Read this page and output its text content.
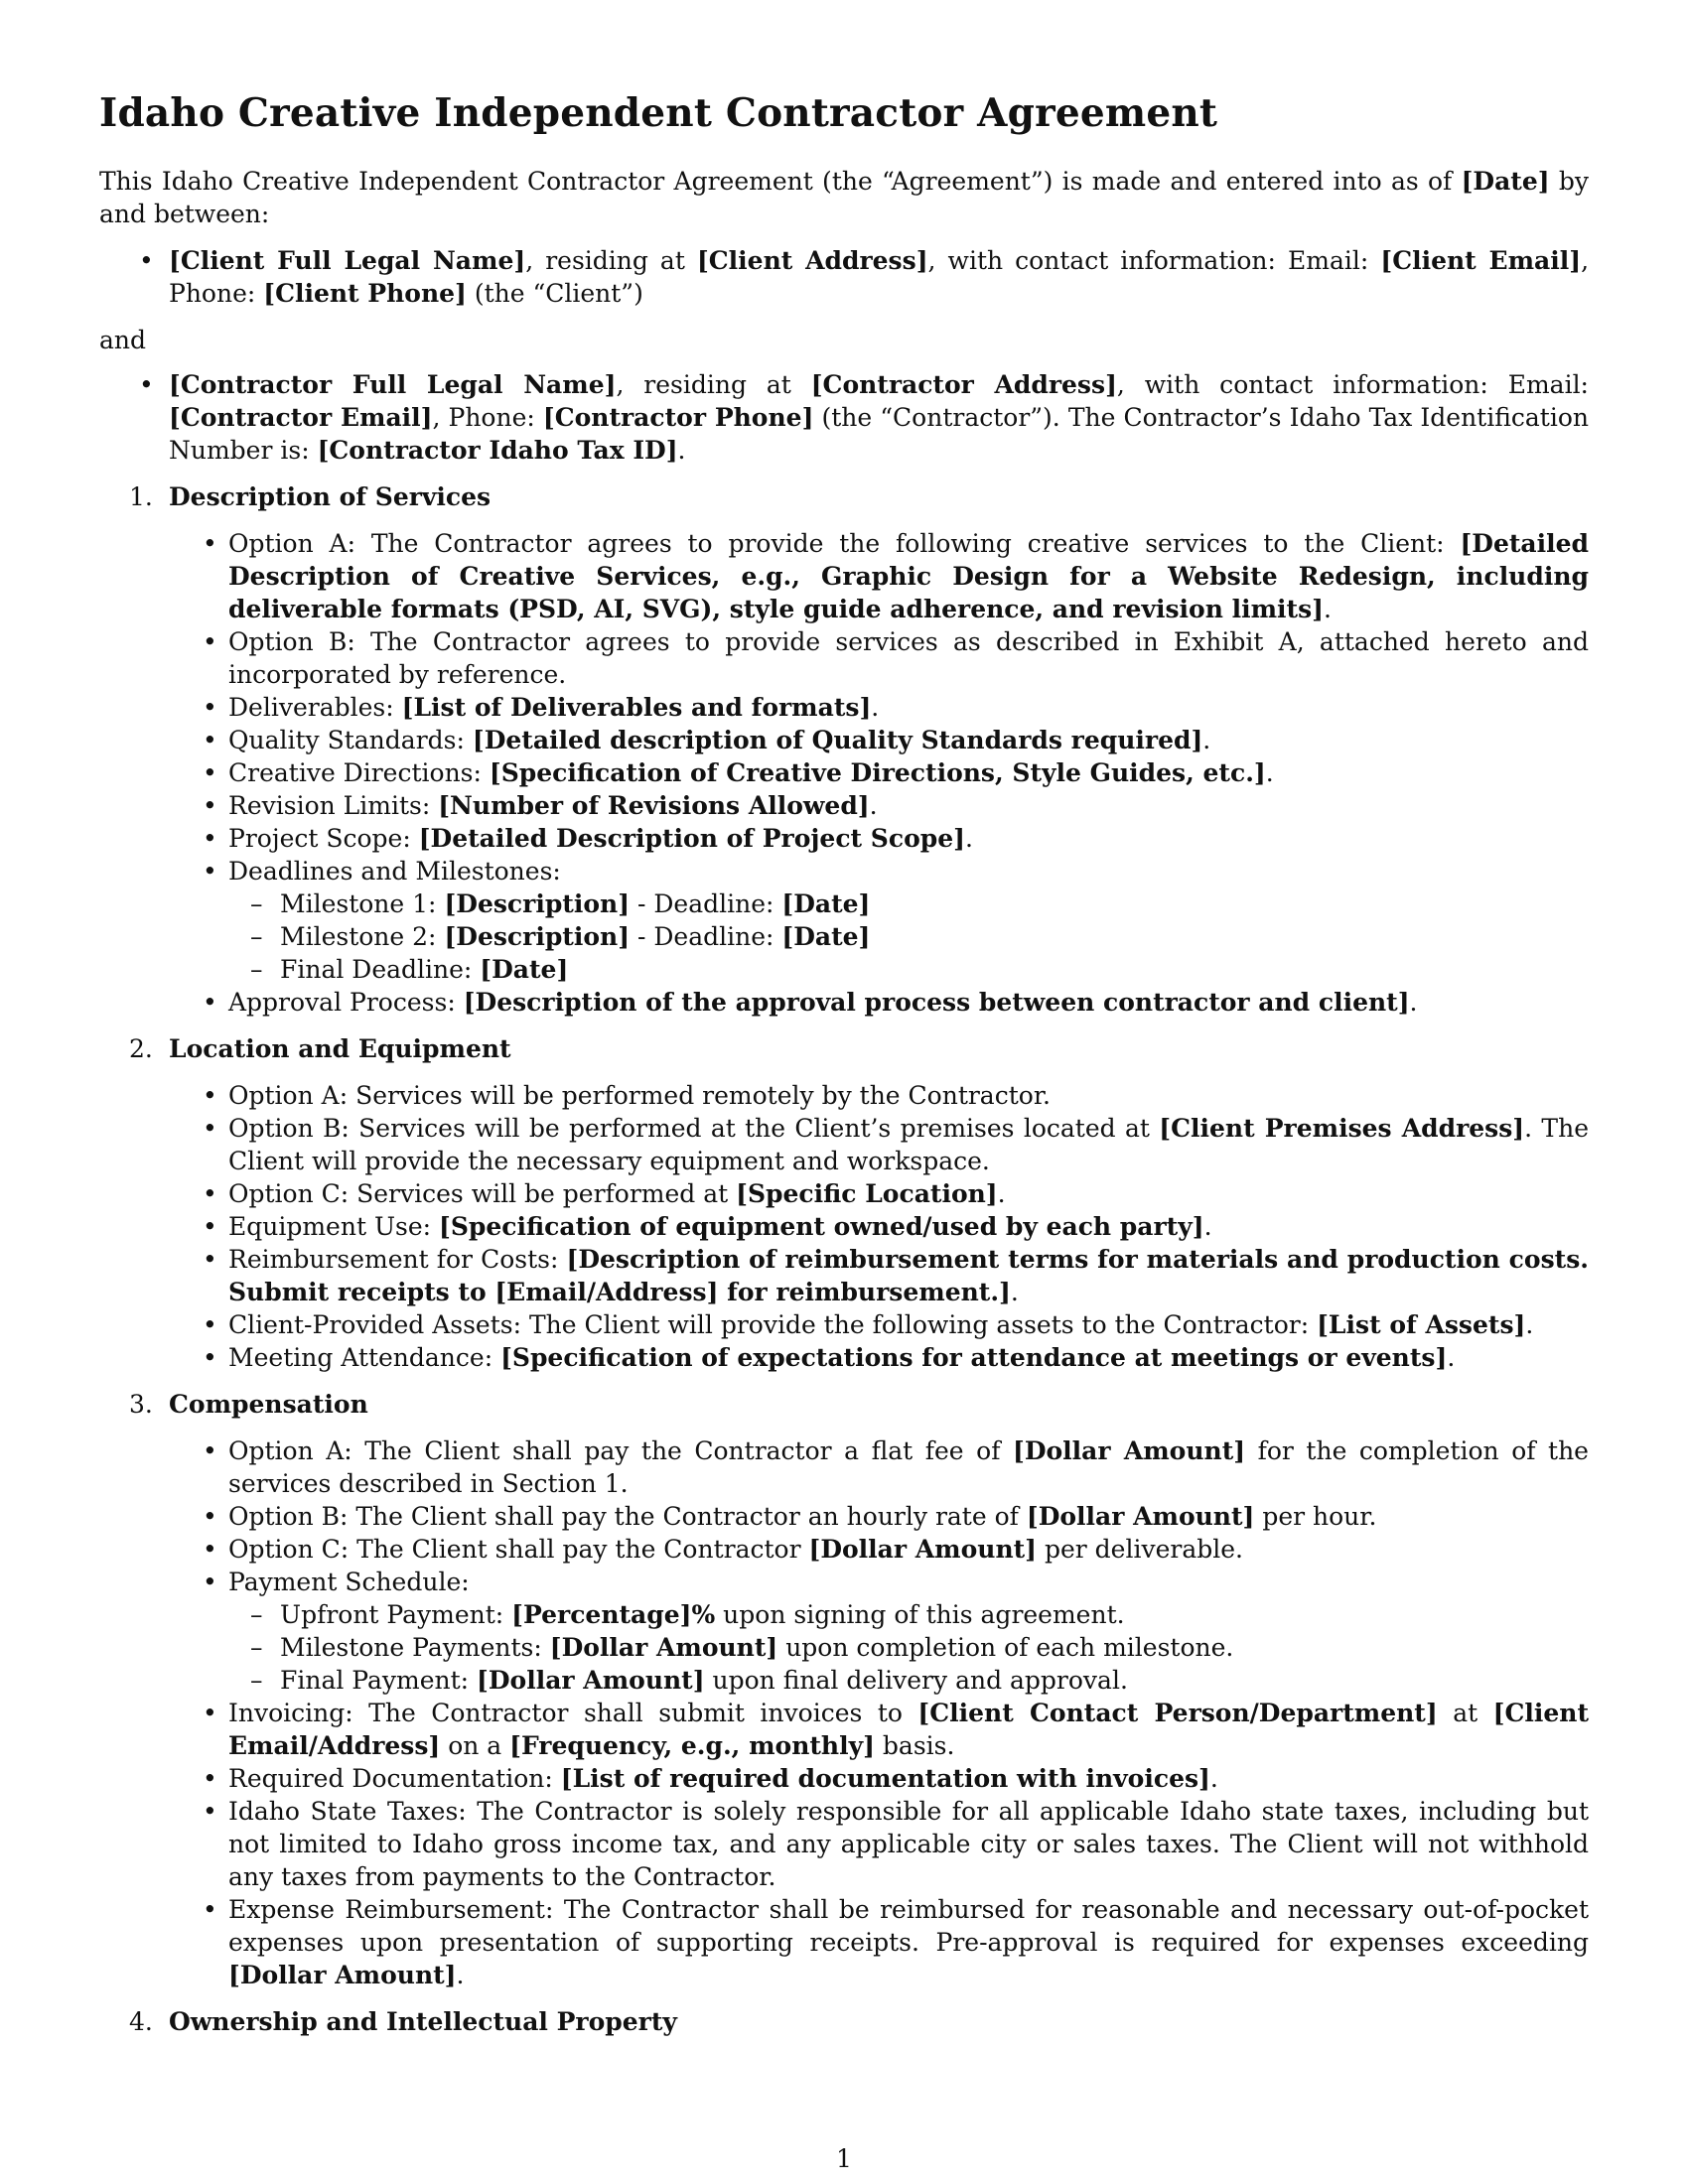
Idaho Creative Independent Contractor Agreement

This Idaho Creative Independent Contractor Agreement (the “Agreement”) is made and entered into as of [Date] by and between:

• [Client Full Legal Name], residing at [Client Address], with contact information: Email: [Client Email], Phone: [Client Phone] (the “Client”)

and

• [Contractor Full Legal Name], residing at [Contractor Address], with contact information: Email: [Contractor Email], Phone: [Contractor Phone] (the “Contractor”). The Contractor’s Idaho Tax Identification Number is: [Contractor Idaho Tax ID].
1. Description of Services
• Option A: The Contractor agrees to provide the following creative services to the Client: [Detailed Description of Creative Services, e.g., Graphic Design for a Website Redesign, including deliverable formats (PSD, AI, SVG), style guide adherence, and revision limits].
• Option B: The Contractor agrees to provide services as described in Exhibit A, attached hereto and incorporated by reference.
• Deliverables: [List of Deliverables and formats].
• Quality Standards: [Detailed description of Quality Standards required].
• Creative Directions: [Specification of Creative Directions, Style Guides, etc.].
• Revision Limits: [Number of Revisions Allowed].
• Project Scope: [Detailed Description of Project Scope].
• Deadlines and Milestones:
– Milestone 1: [Description] - Deadline: [Date]
– Milestone 2: [Description] - Deadline: [Date]
– Final Deadline: [Date]
• Approval Process: [Description of the approval process between contractor and client].
2. Location and Equipment
• Option A: Services will be performed remotely by the Contractor.
• Option B: Services will be performed at the Client’s premises located at [Client Premises Address]. The Client will provide the necessary equipment and workspace.
• Option C: Services will be performed at [Specific Location].
• Equipment Use: [Specification of equipment owned/used by each party].
• Reimbursement for Costs: [Description of reimbursement terms for materials and production costs. Submit receipts to [Email/Address] for reimbursement.].
• Client-Provided Assets: The Client will provide the following assets to the Contractor: [List of Assets].
• Meeting Attendance: [Specification of expectations for attendance at meetings or events].
3. Compensation
• Option A: The Client shall pay the Contractor a flat fee of [Dollar Amount] for the completion of the services described in Section 1.
• Option B: The Client shall pay the Contractor an hourly rate of [Dollar Amount] per hour.
• Option C: The Client shall pay the Contractor [Dollar Amount] per deliverable.
• Payment Schedule:
– Upfront Payment: [Percentage]% upon signing of this agreement.
– Milestone Payments: [Dollar Amount] upon completion of each milestone.
– Final Payment: [Dollar Amount] upon final delivery and approval.
• Invoicing: The Contractor shall submit invoices to [Client Contact Person/Department] at [Client Email/Address] on a [Frequency, e.g., monthly] basis.
• Required Documentation: [List of required documentation with invoices].
• Idaho State Taxes: The Contractor is solely responsible for all applicable Idaho state taxes, including but not limited to Idaho gross income tax, and any applicable city or sales taxes. The Client will not withhold any taxes from payments to the Contractor.
• Expense Reimbursement: The Contractor shall be reimbursed for reasonable and necessary out-of-pocket expenses upon presentation of supporting receipts. Pre-approval is required for expenses exceeding [Dollar Amount].
4. Ownership and Intellectual Property
1
